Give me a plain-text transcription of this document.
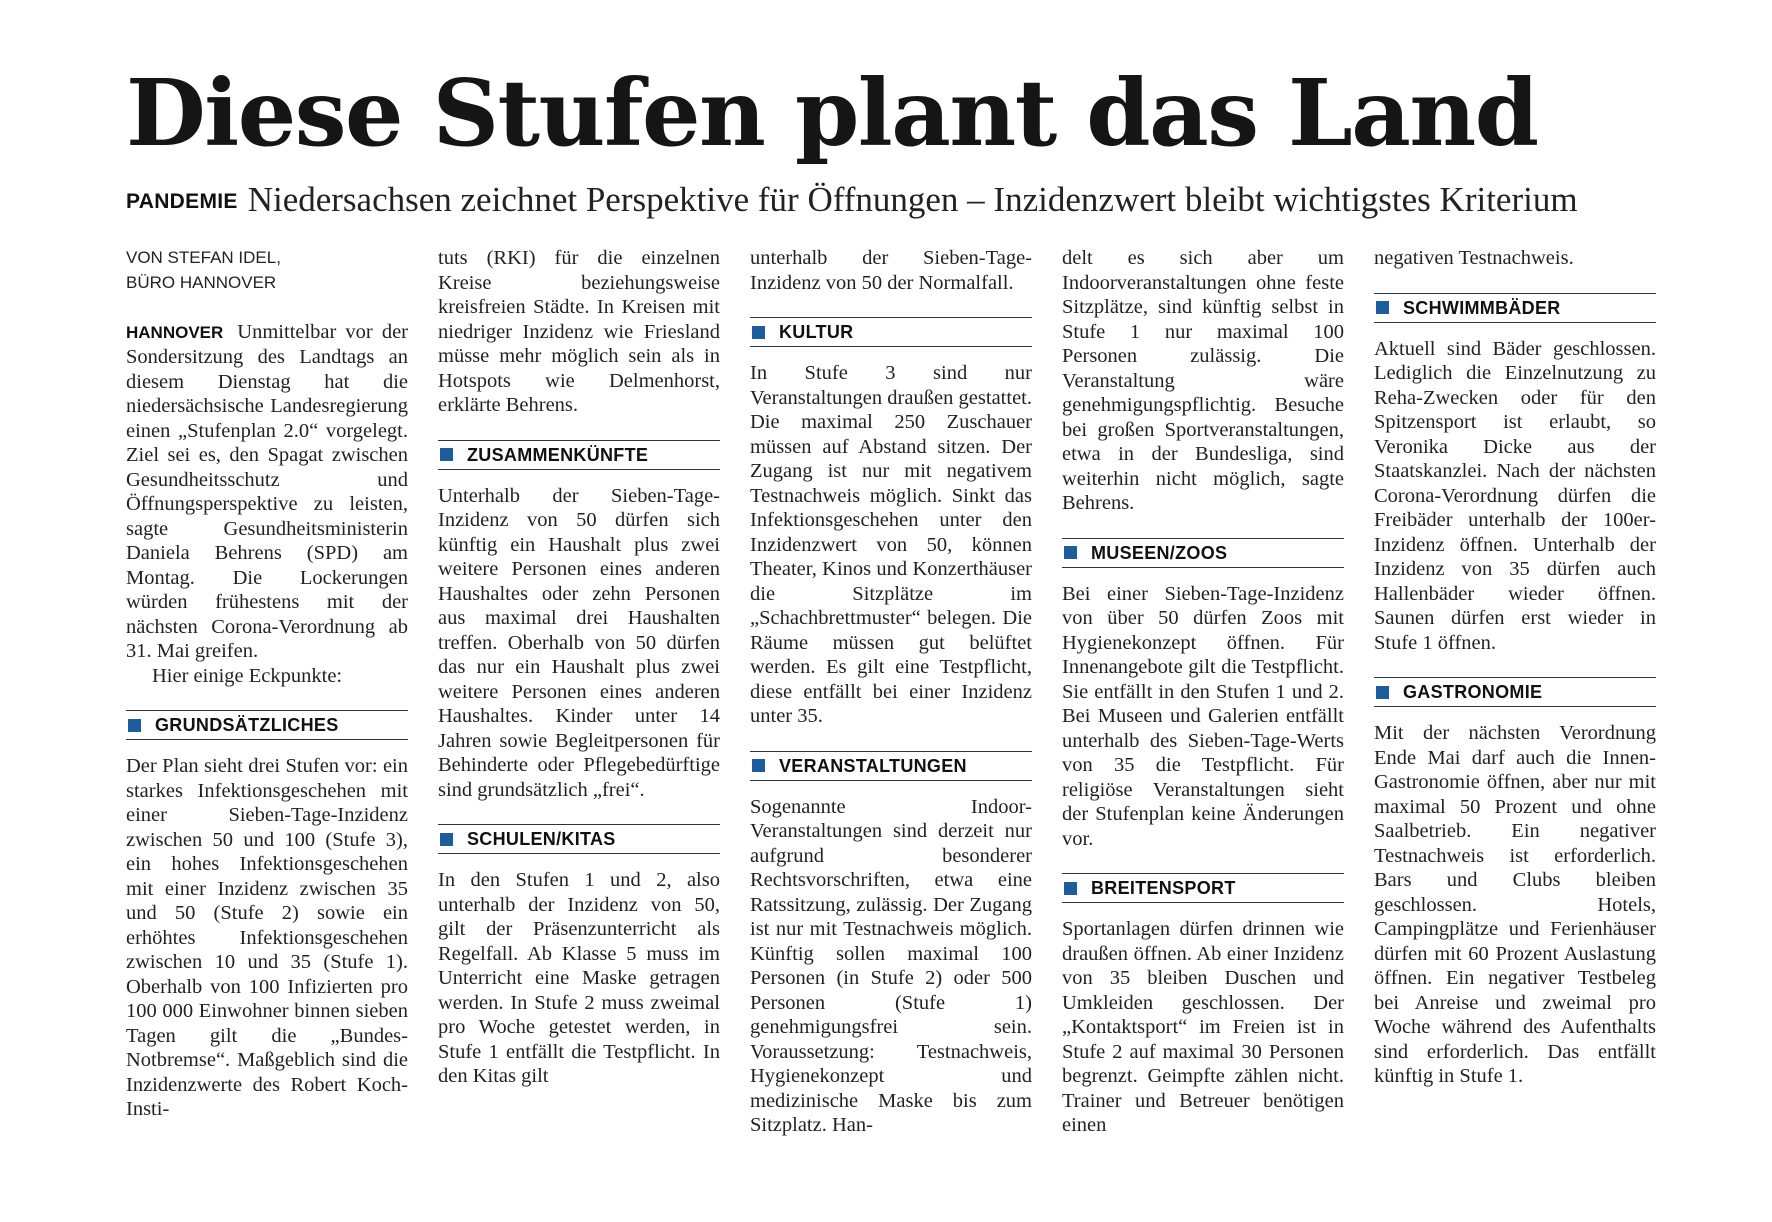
Diese Stufen plant das Land
PANDEMIE Niedersachsen zeichnet Perspektive für Öffnungen – Inzidenzwert bleibt wichtigstes Kriterium
VON STEFAN IDEL,
BÜRO HANNOVER

HANNOVER Unmittelbar vor der Sondersitzung des Landtags an diesem Dienstag hat die niedersächsische Landesregierung einen „Stufenplan 2.0“ vorgelegt. Ziel sei es, den Spagat zwischen Gesundheitsschutz und Öffnungsperspektive zu leisten, sagte Gesundheitsministerin Daniela Behrens (SPD) am Montag. Die Lockerungen würden frühestens mit der nächsten Corona-Verordnung ab 31. Mai greifen.

Hier einige Eckpunkte:

GRUNDSÄTZLICHES

Der Plan sieht drei Stufen vor: ein starkes Infektionsgeschehen mit einer Sieben-Tage-Inzidenz zwischen 50 und 100 (Stufe 3), ein hohes Infektionsgeschehen mit einer Inzidenz zwischen 35 und 50 (Stufe 2) sowie ein erhöhtes Infektionsgeschehen zwischen 10 und 35 (Stufe 1). Oberhalb von 100 Infizierten pro 100 000 Einwohner binnen sieben Tagen gilt die „Bundes-Notbremse“. Maßgeblich sind die Inzidenzwerte des Robert Koch-Insti-

tuts (RKI) für die einzelnen Kreise beziehungsweise kreisfreien Städte. In Kreisen mit niedriger Inzidenz wie Friesland müsse mehr möglich sein als in Hotspots wie Delmenhorst, erklärte Behrens.

ZUSAMMENKÜNFTE

Unterhalb der Sieben-Tage-Inzidenz von 50 dürfen sich künftig ein Haushalt plus zwei weitere Personen eines anderen Haushaltes oder zehn Personen aus maximal drei Haushalten treffen. Oberhalb von 50 dürfen das nur ein Haushalt plus zwei weitere Personen eines anderen Haushaltes. Kinder unter 14 Jahren sowie Begleitpersonen für Behinderte oder Pflegebedürftige sind grundsätzlich „frei“.

SCHULEN/KITAS

In den Stufen 1 und 2, also unterhalb der Inzidenz von 50, gilt der Präsenzunterricht als Regelfall. Ab Klasse 5 muss im Unterricht eine Maske getragen werden. In Stufe 2 muss zweimal pro Woche getestet werden, in Stufe 1 entfällt die Testpflicht. In den Kitas gilt

unterhalb der Sieben-Tage-Inzidenz von 50 der Normalfall.

KULTUR

In Stufe 3 sind nur Veranstaltungen draußen gestattet. Die maximal 250 Zuschauer müssen auf Abstand sitzen. Der Zugang ist nur mit negativem Testnachweis möglich. Sinkt das Infektionsgeschehen unter den Inzidenzwert von 50, können Theater, Kinos und Konzerthäuser die Sitzplätze im „Schachbrettmuster“ belegen. Die Räume müssen gut belüftet werden. Es gilt eine Testpflicht, diese entfällt bei einer Inzidenz unter 35.

VERANSTALTUNGEN

Sogenannte Indoor-Veranstaltungen sind derzeit nur aufgrund besonderer Rechtsvorschriften, etwa eine Ratssitzung, zulässig. Der Zugang ist nur mit Testnachweis möglich. Künftig sollen maximal 100 Personen (in Stufe 2) oder 500 Personen (Stufe 1) genehmigungsfrei sein. Voraussetzung: Testnachweis, Hygienekonzept und medizinische Maske bis zum Sitzplatz. Han-

delt es sich aber um Indoorveranstaltungen ohne feste Sitzplätze, sind künftig selbst in Stufe 1 nur maximal 100 Personen zulässig. Die Veranstaltung wäre genehmigungspflichtig. Besuche bei großen Sportveranstaltungen, etwa in der Bundesliga, sind weiterhin nicht möglich, sagte Behrens.

MUSEEN/ZOOS

Bei einer Sieben-Tage-Inzidenz von über 50 dürfen Zoos mit Hygienekonzept öffnen. Für Innenangebote gilt die Testpflicht. Sie entfällt in den Stufen 1 und 2. Bei Museen und Galerien entfällt unterhalb des Sieben-Tage-Werts von 35 die Testpflicht. Für religiöse Veranstaltungen sieht der Stufenplan keine Änderungen vor.

BREITENSPORT

Sportanlagen dürfen drinnen wie draußen öffnen. Ab einer Inzidenz von 35 bleiben Duschen und Umkleiden geschlossen. Der „Kontaktsport“ im Freien ist in Stufe 2 auf maximal 30 Personen begrenzt. Geimpfte zählen nicht. Trainer und Betreuer benötigen einen

negativen Testnachweis.

SCHWIMMBÄDER

Aktuell sind Bäder geschlossen. Lediglich die Einzelnutzung zu Reha-Zwecken oder für den Spitzensport ist erlaubt, so Veronika Dicke aus der Staatskanzlei. Nach der nächsten Corona-Verordnung dürfen die Freibäder unterhalb der 100er-Inzidenz öffnen. Unterhalb der Inzidenz von 35 dürfen auch Hallenbäder wieder öffnen. Saunen dürfen erst wieder in Stufe 1 öffnen.

GASTRONOMIE

Mit der nächsten Verordnung Ende Mai darf auch die Innen-Gastronomie öffnen, aber nur mit maximal 50 Prozent und ohne Saalbetrieb. Ein negativer Testnachweis ist erforderlich. Bars und Clubs bleiben geschlossen. Hotels, Campingplätze und Ferienhäuser dürfen mit 60 Prozent Auslastung öffnen. Ein negativer Testbeleg bei Anreise und zweimal pro Woche während des Aufenthalts sind erforderlich. Das entfällt künftig in Stufe 1.
